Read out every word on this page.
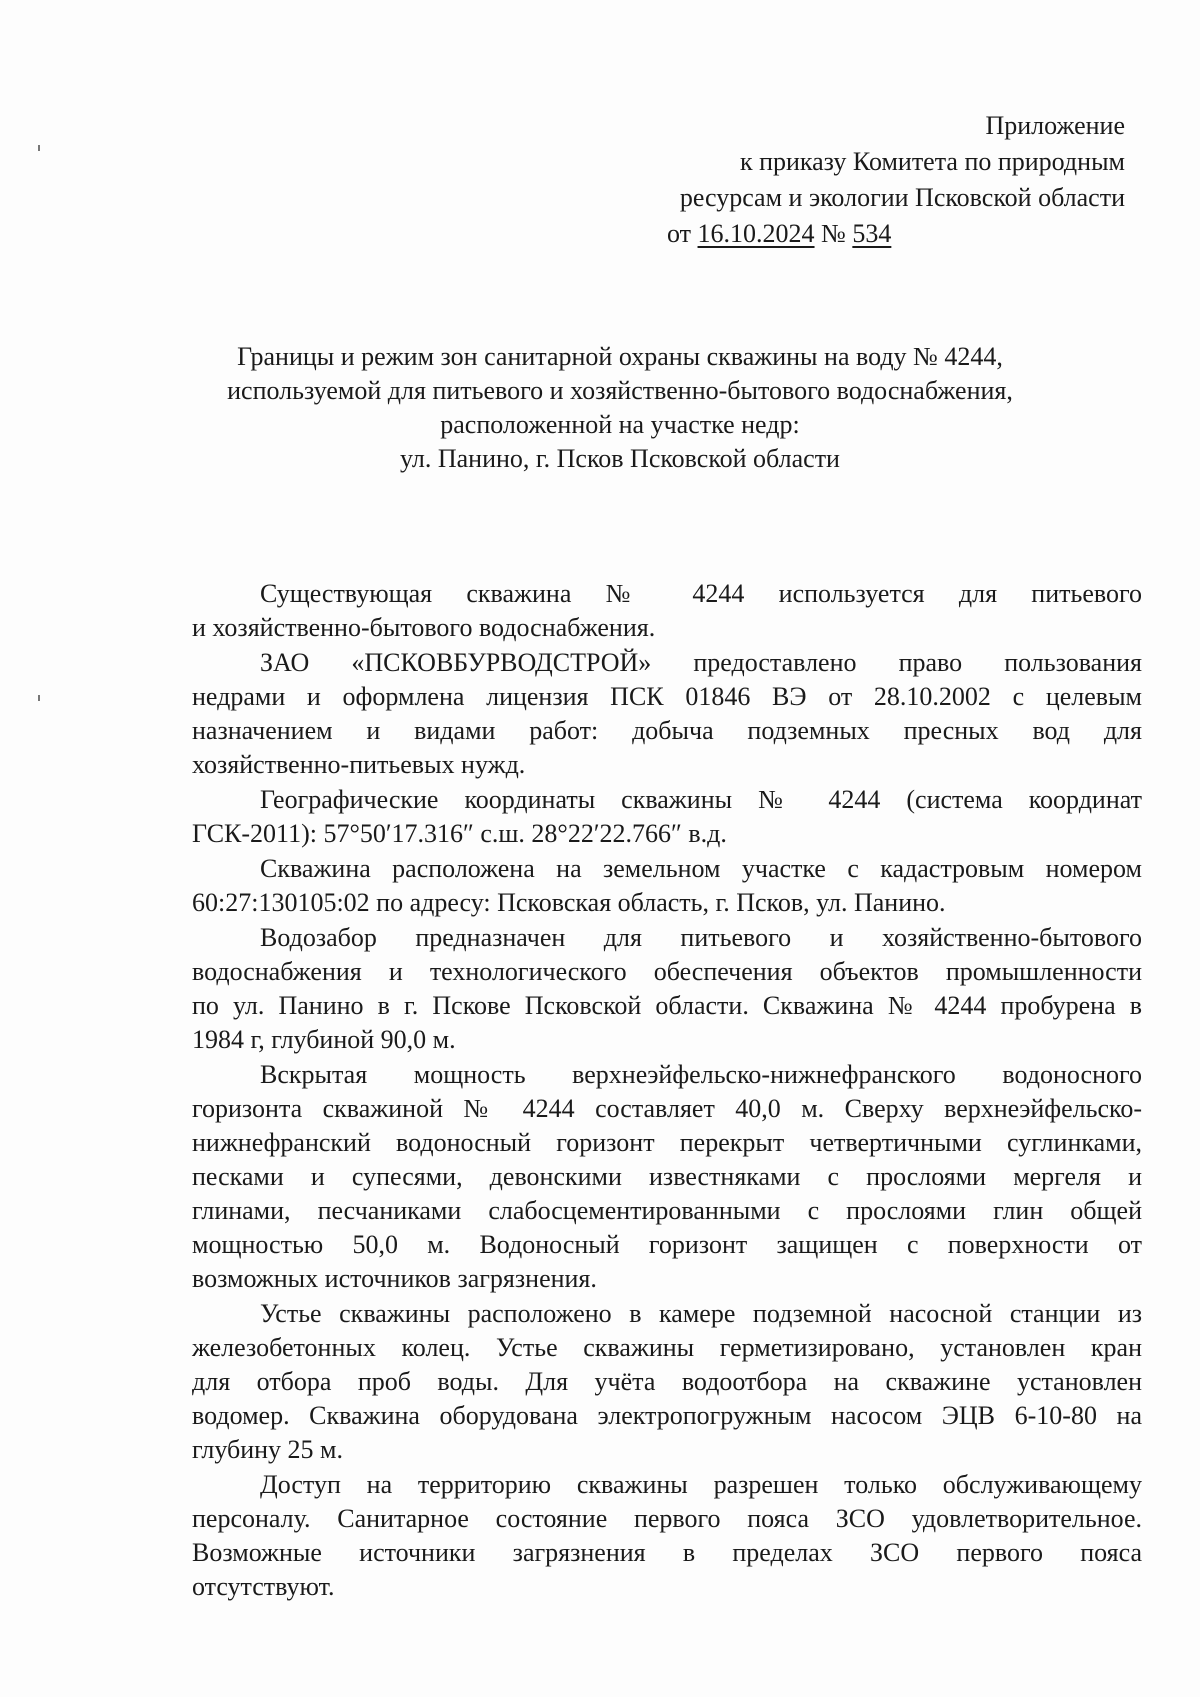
Приложение
к приказу Комитета по природным
ресурсам и экологии Псковской области
от 16.10.2024 № 534
Границы и режим зон санитарной охраны скважины на воду № 4244,
используемой для питьевого и хозяйственно-бытового водоснабжения,
расположенной на участке недр:
ул. Панино, г. Псков Псковской области
Существующая скважина № 4244 используется для питьевого
и хозяйственно-бытового водоснабжения.
ЗАО «ПСКОВБУРВОДСТРОЙ» предоставлено право пользования
недрами и оформлена лицензия ПСК 01846 ВЭ от 28.10.2002 с целевым
назначением и видами работ: добыча подземных пресных вод для
хозяйственно-питьевых нужд.
Географические координаты скважины № 4244 (система координат
ГСК-2011): 57°50′17.316″ с.ш. 28°22′22.766″ в.д.
Скважина расположена на земельном участке с кадастровым номером
60:27:130105:02 по адресу: Псковская область, г. Псков, ул. Панино.
Водозабор предназначен для питьевого и хозяйственно-бытового
водоснабжения и технологического обеспечения объектов промышленности
по ул. Панино в г. Пскове Псковской области. Скважина № 4244 пробурена в
1984 г, глубиной 90,0 м.
Вскрытая мощность верхнеэйфельско-нижнефранского водоносного
горизонта скважиной № 4244 составляет 40,0 м. Сверху верхнеэйфельско-
нижнефранский водоносный горизонт перекрыт четвертичными суглинками,
песками и супесями, девонскими известняками с прослоями мергеля и
глинами, песчаниками слабосцементированными с прослоями глин общей
мощностью 50,0 м. Водоносный горизонт защищен с поверхности от
возможных источников загрязнения.
Устье скважины расположено в камере подземной насосной станции из
железобетонных колец. Устье скважины герметизировано, установлен кран
для отбора проб воды. Для учёта водоотбора на скважине установлен
водомер. Скважина оборудована электропогружным насосом ЭЦВ 6-10-80 на
глубину 25 м.
Доступ на территорию скважины разрешен только обслуживающему
персоналу. Санитарное состояние первого пояса ЗСО удовлетворительное.
Возможные источники загрязнения в пределах ЗСО первого пояса
отсутствуют.
